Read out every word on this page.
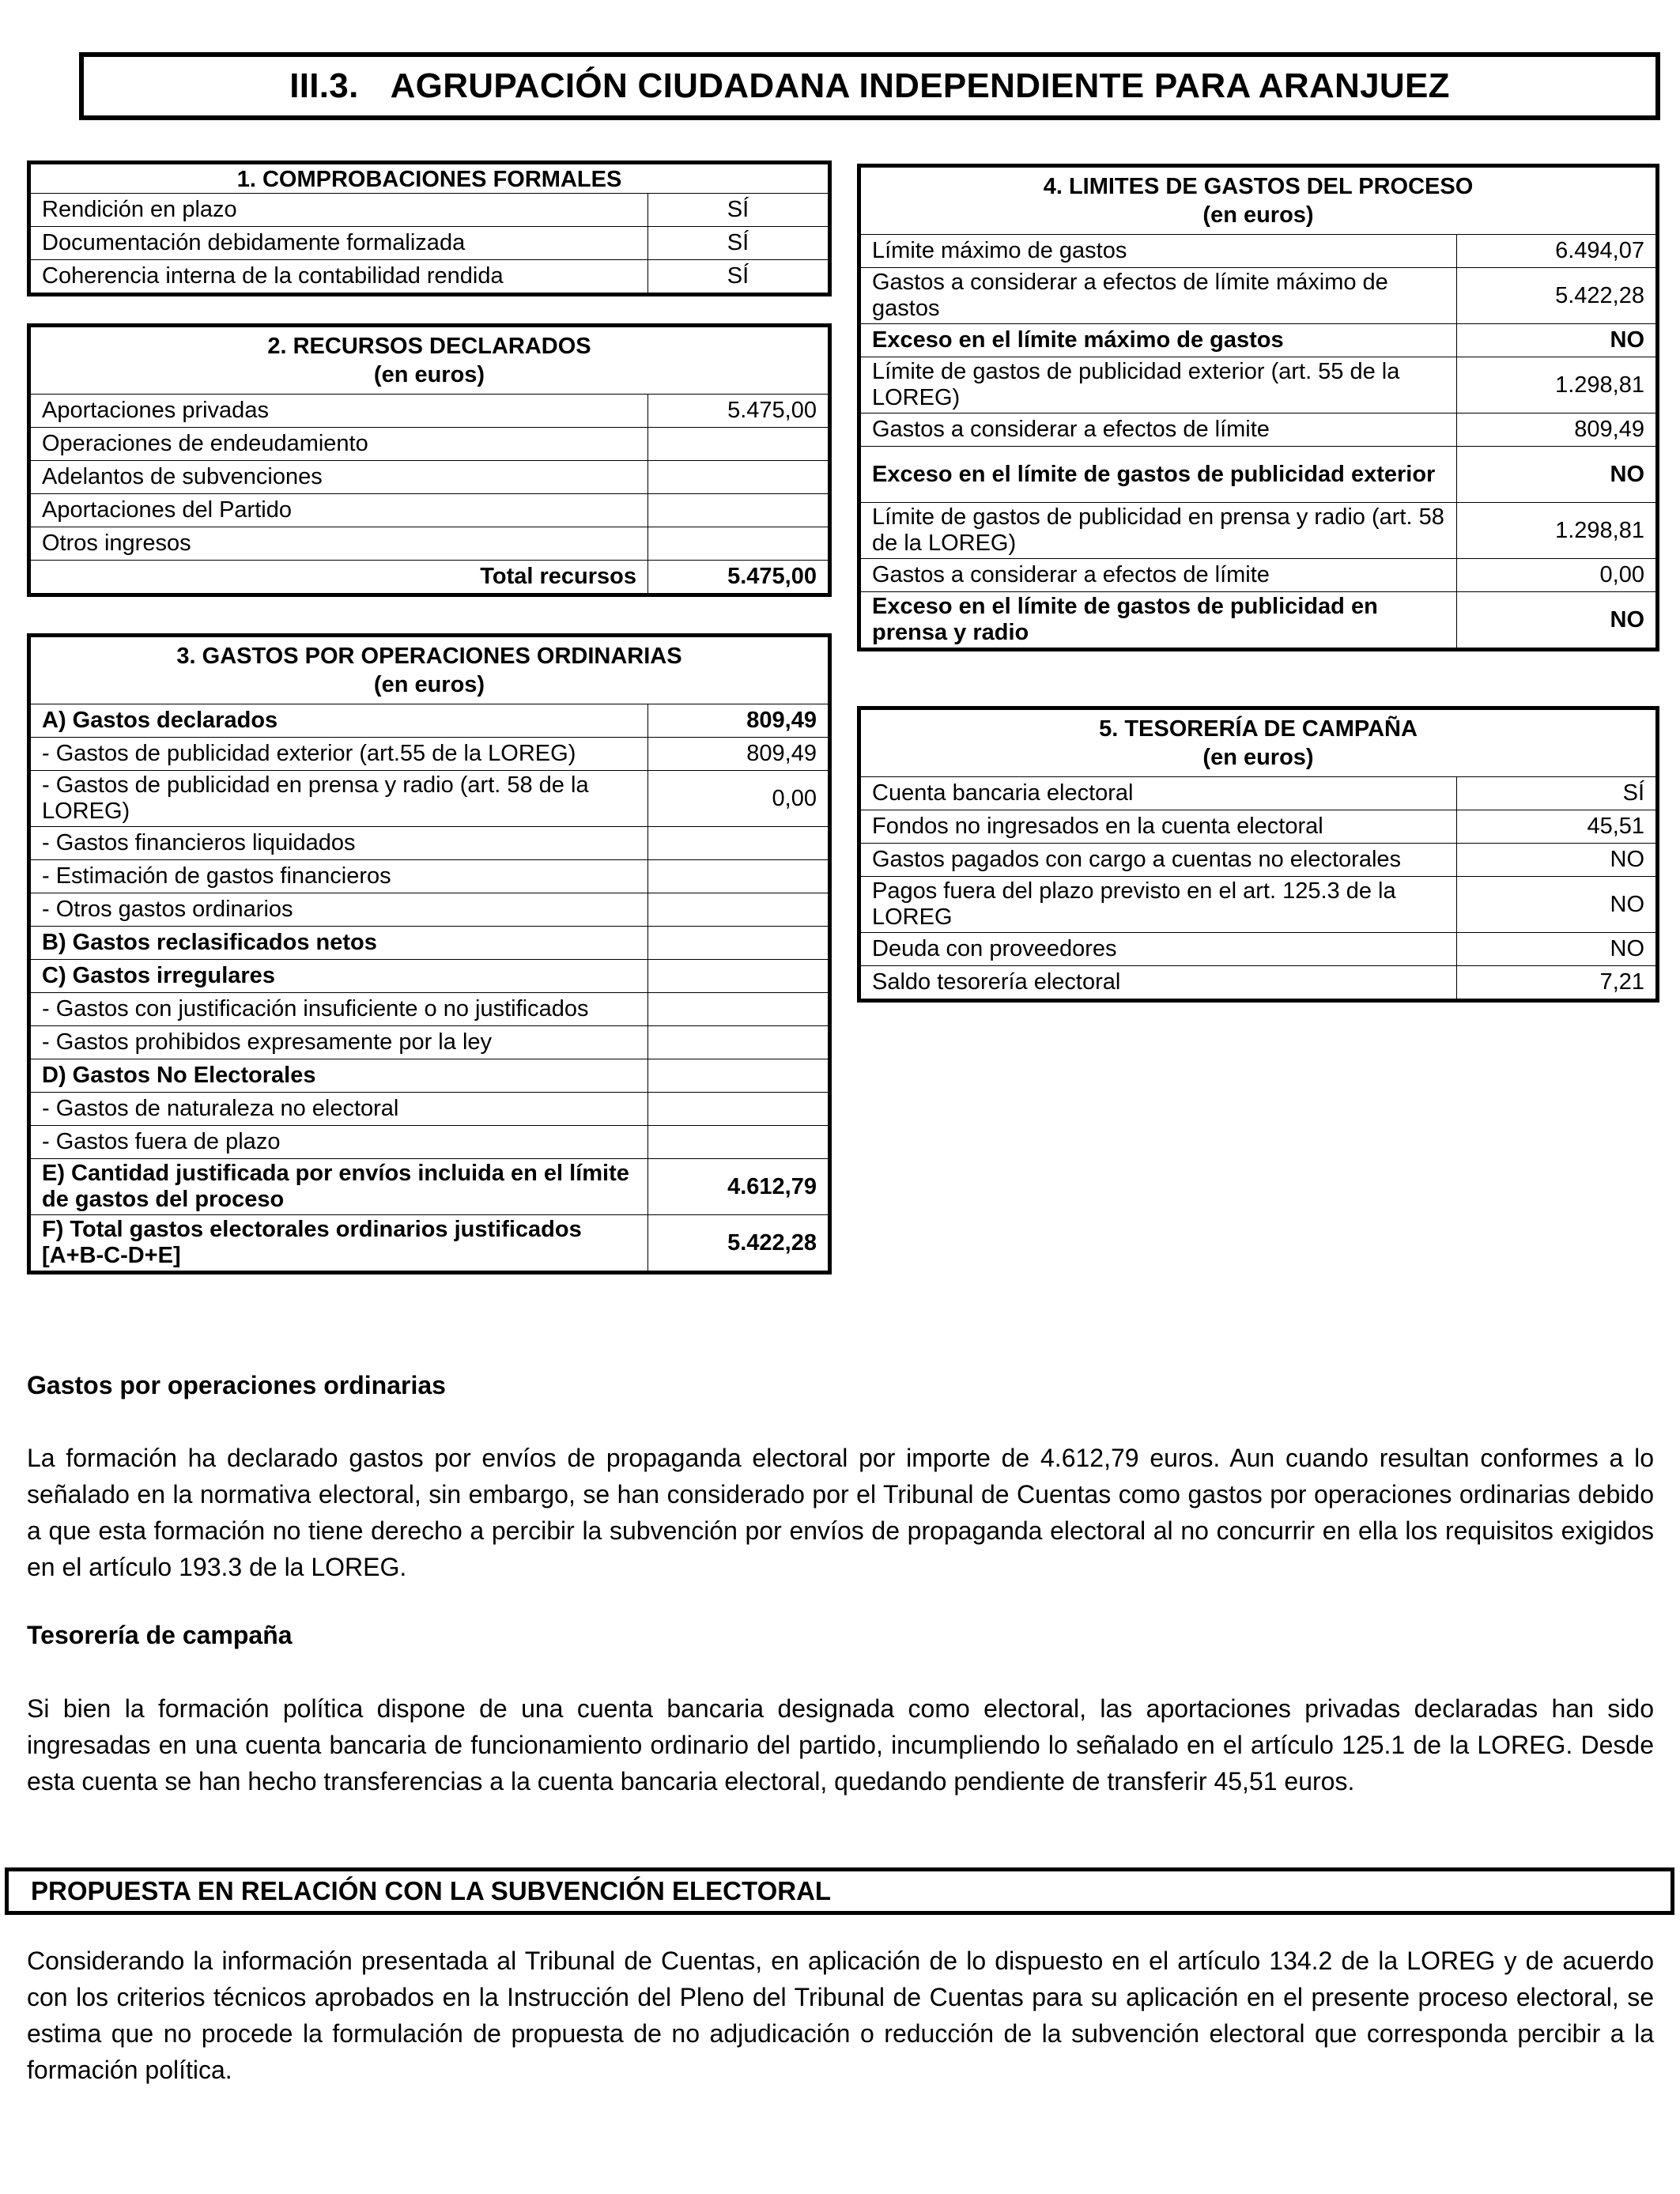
III.3. AGRUPACIÓN CIUDADANA INDEPENDIENTE PARA ARANJUEZ
1. COMPROBACIONES FORMALES	
Rendición en plazo	SÍ
Documentación debidamente formalizada	SÍ
Coherencia interna de la contabilidad rendida	SÍ
2. RECURSOS DECLARADOS	
(en euros)	
Aportaciones privadas	5.475,00
Operaciones de endeudamiento	
Adelantos de subvenciones	
Aportaciones del Partido	
Otros ingresos	
Total recursos	5.475,00
3. GASTOS POR OPERACIONES ORDINARIAS	
(en euros)	
A) Gastos declarados	809,49
- Gastos de publicidad exterior (art.55 de la LOREG)	809,49
- Gastos de publicidad en prensa y radio (art. 58 de la LOREG)	0,00
- Gastos financieros liquidados	
- Estimación de gastos financieros	
- Otros gastos ordinarios	
B) Gastos reclasificados netos	
C) Gastos irregulares	
- Gastos con justificación insuficiente o no justificados	
- Gastos prohibidos expresamente por la ley	
D) Gastos No Electorales	
- Gastos de naturaleza no electoral	
- Gastos fuera de plazo	
E) Cantidad justificada por envíos incluida en el límite de gastos del proceso	4.612,79
F) Total gastos electorales ordinarios justificados [A+B-C-D+E]	5.422,28
4. LIMITES DE GASTOS DEL PROCESO	
(en euros)	
Límite máximo de gastos	6.494,07
Gastos a considerar a efectos de límite máximo de gastos	5.422,28
Exceso en el límite máximo de gastos	NO
Límite de gastos de publicidad exterior (art. 55 de la LOREG)	1.298,81
Gastos a considerar a efectos de límite	809,49
Exceso en el límite de gastos de publicidad exterior	NO
Límite de gastos de publicidad en prensa y radio (art. 58 de la LOREG)	1.298,81
Gastos a considerar a efectos de límite	0,00
Exceso en el límite de gastos de publicidad en prensa y radio	NO
5. TESORERÍA DE CAMPAÑA	
(en euros)	
Cuenta bancaria electoral	SÍ
Fondos no ingresados en la cuenta electoral	45,51
Gastos pagados con cargo a cuentas no electorales	NO
Pagos fuera del plazo previsto en el art. 125.3 de la LOREG	NO
Deuda con proveedores	NO
Saldo tesorería electoral	7,21
Gastos por operaciones ordinarias
La formación ha declarado gastos por envíos de propaganda electoral por importe de 4.612,79 euros. Aun cuando resultan conformes a lo señalado en la normativa electoral, sin embargo, se han considerado por el Tribunal de Cuentas como gastos por operaciones ordinarias debido a que esta formación no tiene derecho a percibir la subvención por envíos de propaganda electoral al no concurrir en ella los requisitos exigidos en el artículo 193.3 de la LOREG.
Tesorería de campaña
Si bien la formación política dispone de una cuenta bancaria designada como electoral, las aportaciones privadas declaradas han sido ingresadas en una cuenta bancaria de funcionamiento ordinario del partido, incumpliendo lo señalado en el artículo 125.1 de la LOREG. Desde esta cuenta se han hecho transferencias a la cuenta bancaria electoral, quedando pendiente de transferir 45,51 euros.
PROPUESTA EN RELACIÓN CON LA SUBVENCIÓN ELECTORAL
Considerando la información presentada al Tribunal de Cuentas, en aplicación de lo dispuesto en el artículo 134.2 de la LOREG y de acuerdo con los criterios técnicos aprobados en la Instrucción del Pleno del Tribunal de Cuentas para su aplicación en el presente proceso electoral, se estima que no procede la formulación de propuesta de no adjudicación o reducción de la subvención electoral que corresponda percibir a la formación política.
